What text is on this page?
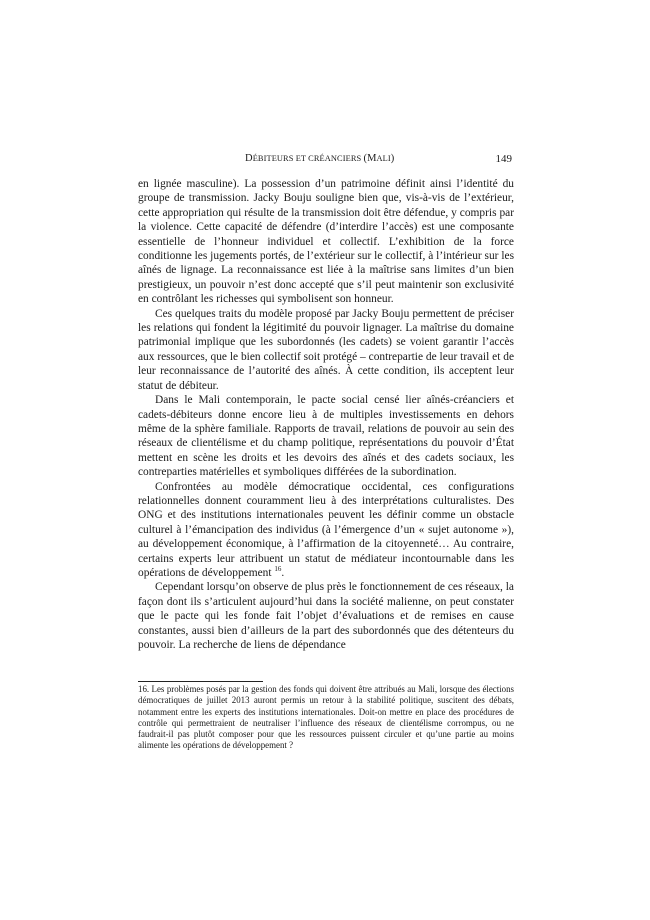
DÉBITEURS ET CRÉANCIERS (MALI)	149

en lignée masculine). La possession d’un patrimoine définit ainsi l’identité du groupe de transmission. Jacky Bouju souligne bien que, vis-à-vis de l’extérieur, cette appropriation qui résulte de la transmission doit être défendue, y compris par la violence. Cette capacité de défendre (d’interdire l’accès) est une composante essentielle de l’honneur individuel et collectif. L’exhibition de la force conditionne les jugements portés, de l’extérieur sur le collectif, à l’intérieur sur les aînés de lignage. La reconnaissance est liée à la maîtrise sans limites d’un bien prestigieux, un pouvoir n’est donc accepté que s’il peut maintenir son exclusivité en contrôlant les richesses qui symbolisent son honneur.

Ces quelques traits du modèle proposé par Jacky Bouju permettent de préciser les relations qui fondent la légitimité du pouvoir lignager. La maîtrise du domaine patrimonial implique que les subordonnés (les cadets) se voient garantir l’accès aux ressources, que le bien collectif soit protégé – contrepartie de leur travail et de leur reconnaissance de l’autorité des aînés. À cette condition, ils acceptent leur statut de débiteur.

Dans le Mali contemporain, le pacte social censé lier aînés-créanciers et cadets-débiteurs donne encore lieu à de multiples investissements en dehors même de la sphère familiale. Rapports de travail, relations de pouvoir au sein des réseaux de clientélisme et du champ politique, représentations du pouvoir d’État mettent en scène les droits et les devoirs des aînés et des cadets sociaux, les contreparties matérielles et symboliques différées de la subordination.

Confrontées au modèle démocratique occidental, ces configurations relationnelles donnent couramment lieu à des interprétations culturalistes. Des ONG et des institutions internationales peuvent les définir comme un obstacle culturel à l’émancipation des individus (à l’émergence d’un « sujet autonome »), au développement économique, à l’affirmation de la citoyenneté… Au contraire, certains experts leur attribuent un statut de médiateur incontournable dans les opérations de développement $^{16}$.

Cependant lorsqu’on observe de plus près le fonctionnement de ces réseaux, la façon dont ils s’articulent aujourd’hui dans la société malienne, on peut constater que le pacte qui les fonde fait l’objet d’évaluations et de remises en cause constantes, aussi bien d’ailleurs de la part des subordonnés que des détenteurs du pouvoir. La recherche de liens de dépendance

16. Les problèmes posés par la gestion des fonds qui doivent être attribués au Mali, lorsque des élections démocratiques de juillet 2013 auront permis un retour à la stabilité politique, suscitent des débats, notamment entre les experts des institutions internationales. Doit-on mettre en place des procédures de contrôle qui permettraient de neutraliser l’influence des réseaux de clientélisme corrompus, ou ne faudrait-il pas plutôt composer pour que les ressources puissent circuler et qu’une partie au moins alimente les opérations de développement ?
